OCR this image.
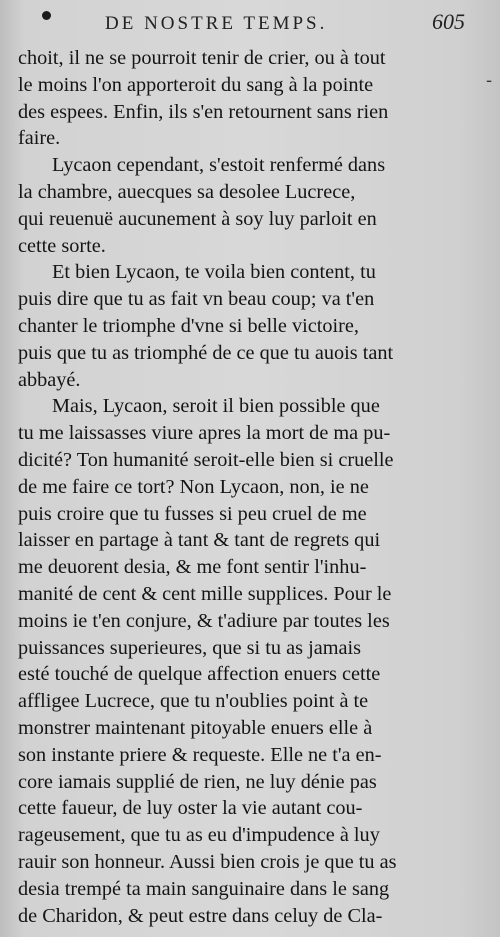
DE NOSTRE TEMPS.	605
-
choit, il ne se pourroit tenir de crier, ou à tout
le moins l'on apporteroit du sang à la pointe
des espees. Enfin, ils s'en retournent sans rien
faire.
Lycaon cependant, s'estoit renfermé dans
la chambre, auecques sa desolee Lucrece,
qui reuenuë aucunement à soy luy parloit en
cette sorte.
Et bien Lycaon, te voila bien content, tu
puis dire que tu as fait vn beau coup; va t'en
chanter le triomphe d'vne si belle victoire,
puis que tu as triomphé de ce que tu auois tant
abbayé.
Mais, Lycaon, seroit il bien possible que
tu me laissasses viure apres la mort de ma pu-
dicité? Ton humanité seroit-elle bien si cruelle
de me faire ce tort? Non Lycaon, non, ie ne
puis croire que tu fusses si peu cruel de me
laisser en partage à tant & tant de regrets qui
me deuorent desia, & me font sentir l'inhu-
manité de cent & cent mille supplices. Pour le
moins ie t'en conjure, & t'adiure par toutes les
puissances superieures, que si tu as jamais
esté touché de quelque affection enuers cette
affligee Lucrece, que tu n'oublies point à te
monstrer maintenant pitoyable enuers elle à
son instante priere & requeste. Elle ne t'a en-
core iamais supplié de rien, ne luy dénie pas
cette faueur, de luy oster la vie autant cou-
rageusement, que tu as eu d'impudence à luy
rauir son honneur. Aussi bien crois je que tu as
desia trempé ta main sanguinaire dans le sang
de Charidon, & peut estre dans celuy de Cla-
